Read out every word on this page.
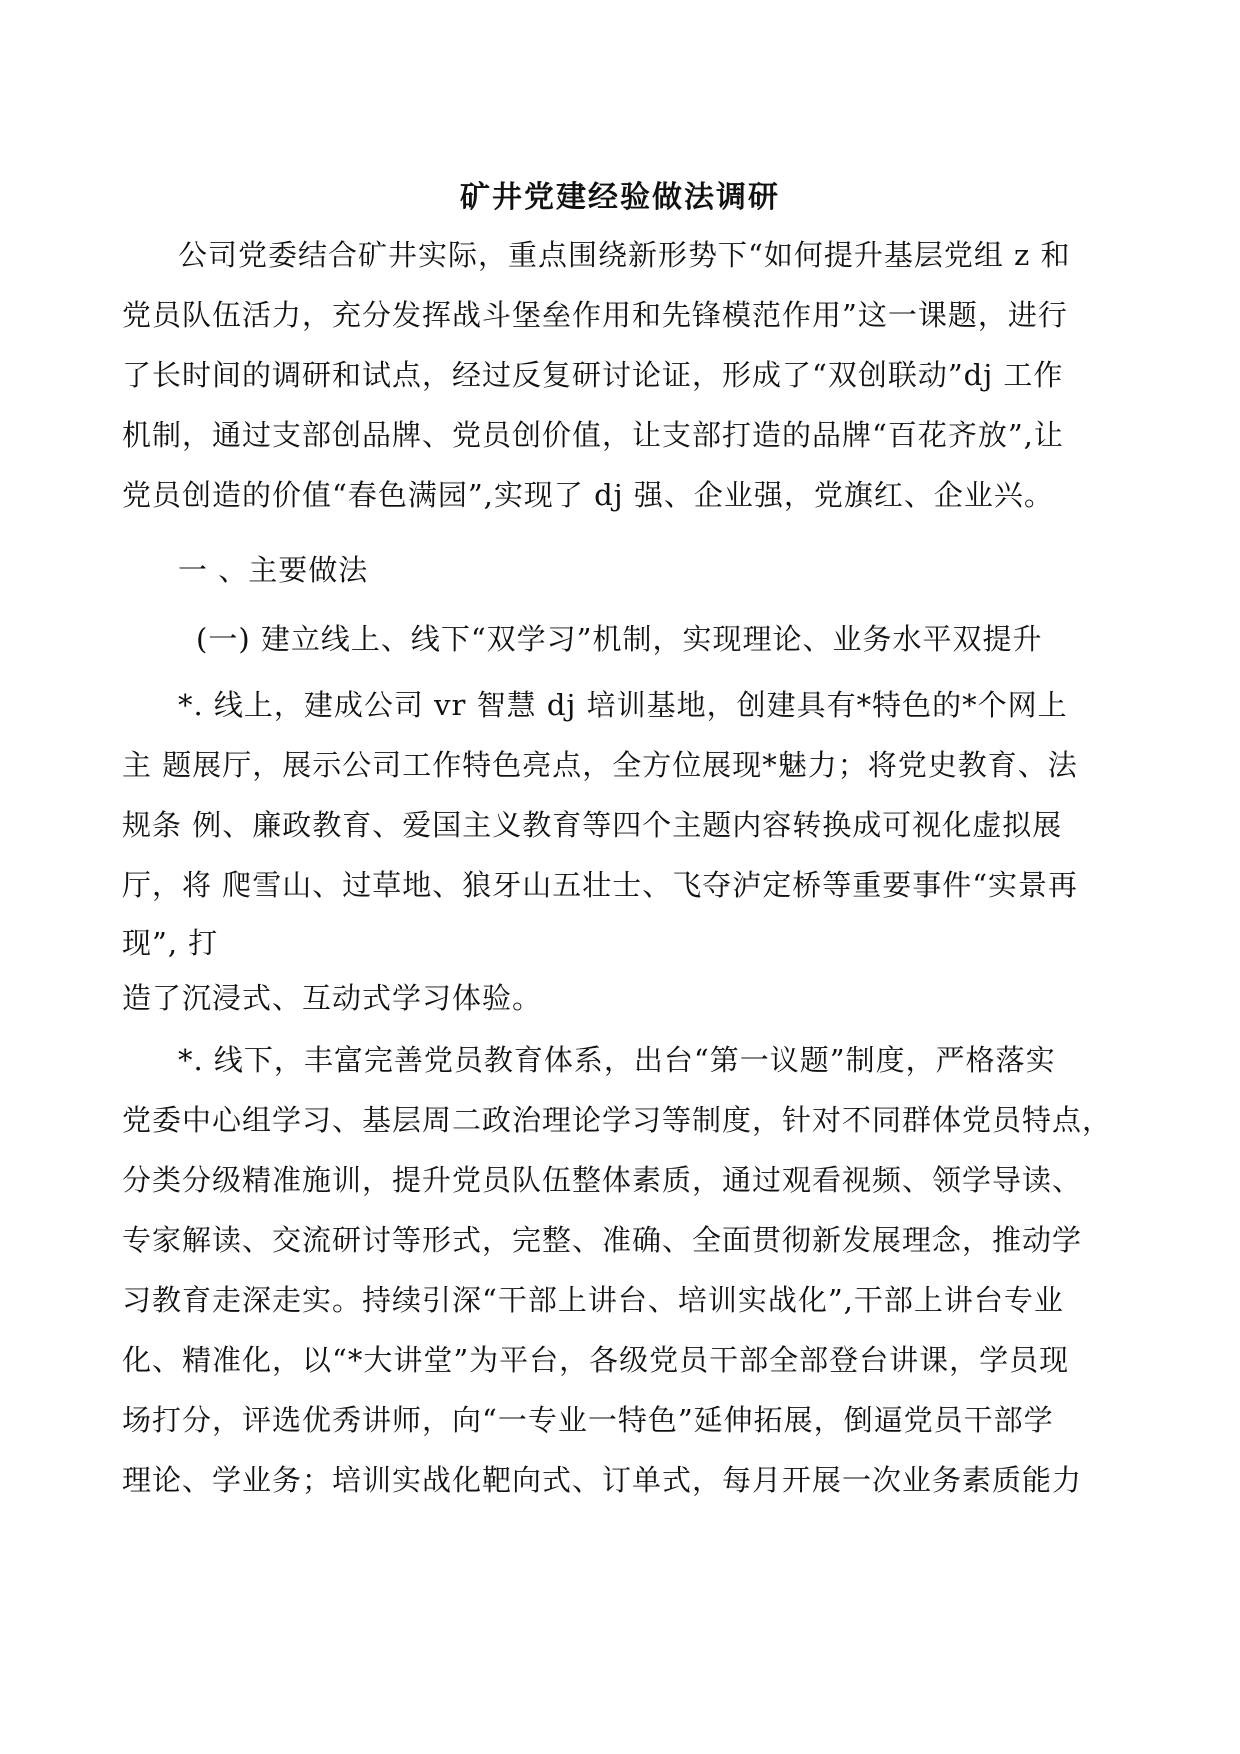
矿井党建经验做法调研
公司党委结合矿井实际，重点围绕新形势下“如何提升基层党组 z 和
党员队伍活力，充分发挥战斗堡垒作用和先锋模范作用”这一课题，进行
了长时间的调研和试点，经过反复研讨论证，形成了“双创联动”dj 工作
机制，通过支部创品牌、党员创价值，让支部打造的品牌“百花齐放”,让
党员创造的价值“春色满园”,实现了 dj 强、企业强，党旗红、企业兴。
一 、主要做法
(一) 建立线上、线下“双学习”机制，实现理论、业务水平双提升
*. 线上，建成公司 vr 智慧 dj 培训基地，创建具有*特色的*个网上
主 题展厅，展示公司工作特色亮点，全方位展现*魅力；将党史教育、法
规条 例、廉政教育、爱国主义教育等四个主题内容转换成可视化虚拟展
厅，将 爬雪山、过草地、狼牙山五壮士、飞夺泸定桥等重要事件“实景再
现”, 打
造了沉浸式、互动式学习体验。
*. 线下，丰富完善党员教育体系，出台“第一议题”制度，严格落实
党委中心组学习、基层周二政治理论学习等制度，针对不同群体党员特点，
分类分级精准施训，提升党员队伍整体素质，通过观看视频、领学导读、
专家解读、交流研讨等形式，完整、准确、全面贯彻新发展理念，推动学
习教育走深走实。持续引深“干部上讲台、培训实战化”,干部上讲台专业
化、精准化，以“*大讲堂”为平台，各级党员干部全部登台讲课，学员现
场打分，评选优秀讲师，向“一专业一特色”延伸拓展，倒逼党员干部学
理论、学业务；培训实战化靶向式、订单式，每月开展一次业务素质能力
